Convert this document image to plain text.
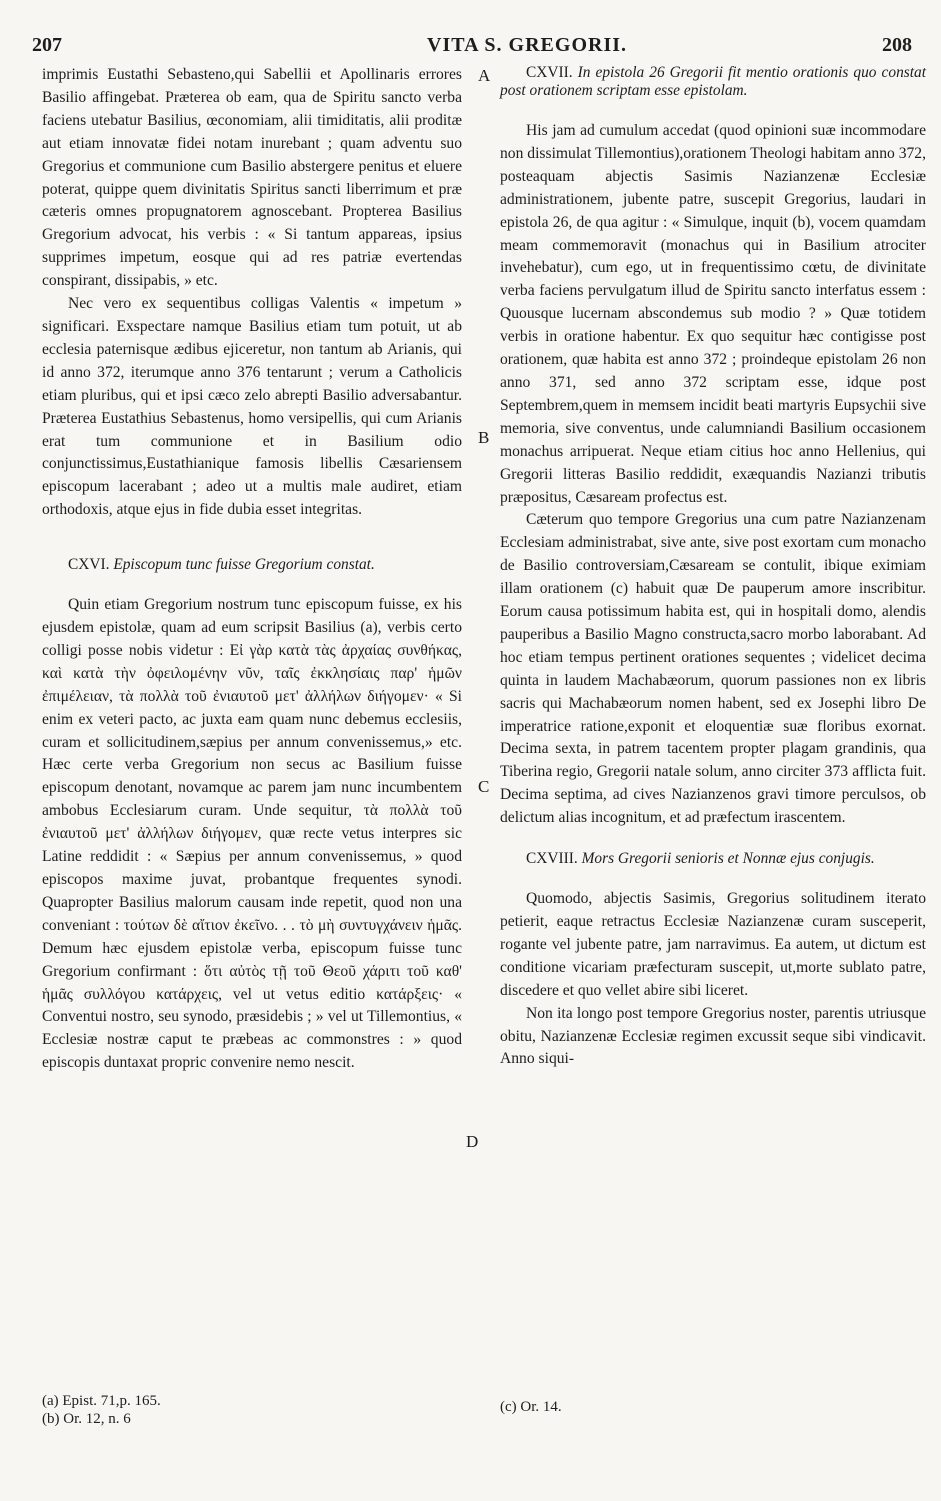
207	VITA S. GREGORII.	208
A
B
C
D

imprimis Eustathi Sebasteno,qui Sabellii et Apollinaris errores Basilio affingebat. Præterea ob eam, qua de Spiritu sancto verba faciens utebatur Basilius, œconomiam, alii timiditatis, alii proditæ aut etiam innovatæ fidei notam inurebant ; quam adventu suo Gregorius et communione cum Basilio abstergere penitus et eluere poterat, quippe quem divinitatis Spiritus sancti liberrimum et præ cæteris omnes propugnatorem agnoscebant. Propterea Basilius Gregorium advocat, his verbis : « Si tantum appareas, ipsius supprimes impetum, eosque qui ad res patriæ evertendas conspirant, dissipabis, » etc.

Nec vero ex sequentibus colligas Valentis « impetum » significari. Exspectare namque Basilius etiam tum potuit, ut ab ecclesia paternisque ædibus ejiceretur, non tantum ab Arianis, qui id anno 372, iterumque anno 376 tentarunt ; verum a Catholicis etiam pluribus, qui et ipsi cæco zelo abrepti Basilio adversabantur. Præterea Eustathius Sebastenus, homo versipellis, qui cum Arianis erat tum communione et in Basilium odio conjunctissimus,Eustathianique famosis libellis Cæsariensem episcopum lacerabant ; adeo ut a multis male audiret, etiam orthodoxis, atque ejus in fide dubia esset integritas.

CXVI. Episcopum tunc fuisse Gregorium constat.

Quin etiam Gregorium nostrum tunc episcopum fuisse, ex his ejusdem epistolæ, quam ad eum scripsit Basilius (a), verbis certo colligi posse nobis videtur : Εἰ γὰρ κατὰ τὰς ἀρχαίας συνθήκας, καὶ κατὰ τὴν ὀφειλομένην νῦν, ταῖς ἐκκλησίαις παρ' ἡμῶν ἐπιμέλειαν, τὰ πολλὰ τοῦ ἐνιαυτοῦ μετ' ἀλλήλων διήγομεν· « Si enim ex veteri pacto, ac juxta eam quam nunc debemus ecclesiis, curam et sollicitudinem,sæpius per annum convenissemus,» etc. Hæc certe verba Gregorium non secus ac Basilium fuisse episcopum denotant, novamque ac parem jam nunc incumbentem ambobus Ecclesiarum curam. Unde sequitur, τὰ πολλὰ τοῦ ἐνιαυτοῦ μετ' ἀλλήλων διήγομεν, quæ recte vetus interpres sic Latine reddidit : « Sæpius per annum convenissemus, » quod episcopos maxime juvat, probantque frequentes synodi. Quapropter Basilius malorum causam inde repetit, quod non una conveniant : τούτων δὲ αἴτιον ἐκεῖνο. . . τὸ μὴ συντυγχάνειν ἡμᾶς. Demum hæc ejusdem epistolæ verba, episcopum fuisse tunc Gregorium confirmant : ὅτι αὐτὸς τῇ τοῦ Θεοῦ χάριτι τοῦ καθ' ἡμᾶς συλλόγου κατάρχεις, vel ut vetus editio κατάρξεις· « Conventui nostro, seu synodo, præsidebis ; » vel ut Tillemontius, « Ecclesiæ nostræ caput te præbeas ac commonstres : » quod episcopis duntaxat propric convenire nemo nescit.

(a) Epist. 71,p. 165.
(b) Or. 12, n. 6

CXVII. In epistola 26 Gregorii fit mentio orationis quo constat post orationem scriptam esse epistolam.

His jam ad cumulum accedat (quod opinioni suæ incommodare non dissimulat Tillemontius),orationem Theologi habitam anno 372, posteaquam abjectis Sasimis Nazianzenæ Ecclesiæ administrationem, jubente patre, suscepit Gregorius, laudari in epistola 26, de qua agitur : « Simulque, inquit (b), vocem quamdam meam commemoravit (monachus qui in Basilium atrociter invehebatur), cum ego, ut in frequentissimo cœtu, de divinitate verba faciens pervulgatum illud de Spiritu sancto interfatus essem : Quousque lucernam abscondemus sub modio ? » Quæ totidem verbis in oratione habentur. Ex quo sequitur hæc contigisse post orationem, quæ habita est anno 372 ; proindeque epistolam 26 non anno 371, sed anno 372 scriptam esse, idque post Septembrem,quem in memsem incidit beati martyris Eupsychii sive memoria, sive conventus, unde calumniandi Basilium occasionem monachus arripuerat. Neque etiam citius hoc anno Hellenius, qui Gregorii litteras Basilio reddidit, exæquandis Nazianzi tributis præpositus, Cæsaream profectus est.

Cæterum quo tempore Gregorius una cum patre Nazianzenam Ecclesiam administrabat, sive ante, sive post exortam cum monacho de Basilio controversiam,Cæsaream se contulit, ibique eximiam illam orationem (c) habuit quæ De pauperum amore inscribitur. Eorum causa potissimum habita est, qui in hospitali domo, alendis pauperibus a Basilio Magno constructa,sacro morbo laborabant. Ad hoc etiam tempus pertinent orationes sequentes ; videlicet decima quinta in laudem Machabæorum, quorum passiones non ex libris sacris qui Machabæorum nomen habent, sed ex Josephi libro De imperatrice ratione,exponit et eloquentiæ suæ floribus exornat. Decima sexta, in patrem tacentem propter plagam grandinis, qua Tiberina regio, Gregorii natale solum, anno circiter 373 afflicta fuit. Decima septima, ad cives Nazianzenos gravi timore perculsos, ob delictum alias incognitum, et ad præfectum irascentem.

CXVIII. Mors Gregorii senioris et Nonnæ ejus conjugis.

Quomodo, abjectis Sasimis, Gregorius solitudinem iterato petierit, eaque retractus Ecclesiæ Nazianzenæ curam susceperit, rogante vel jubente patre, jam narravimus. Ea autem, ut dictum est conditione vicariam præfecturam suscepit, ut,morte sublato patre, discedere et quo vellet abire sibi liceret.

Non ita longo post tempore Gregorius noster, parentis utriusque obitu, Nazianzenæ Ecclesiæ regimen excussit seque sibi vindicavit. Anno siqui-

(c) Or. 14.
